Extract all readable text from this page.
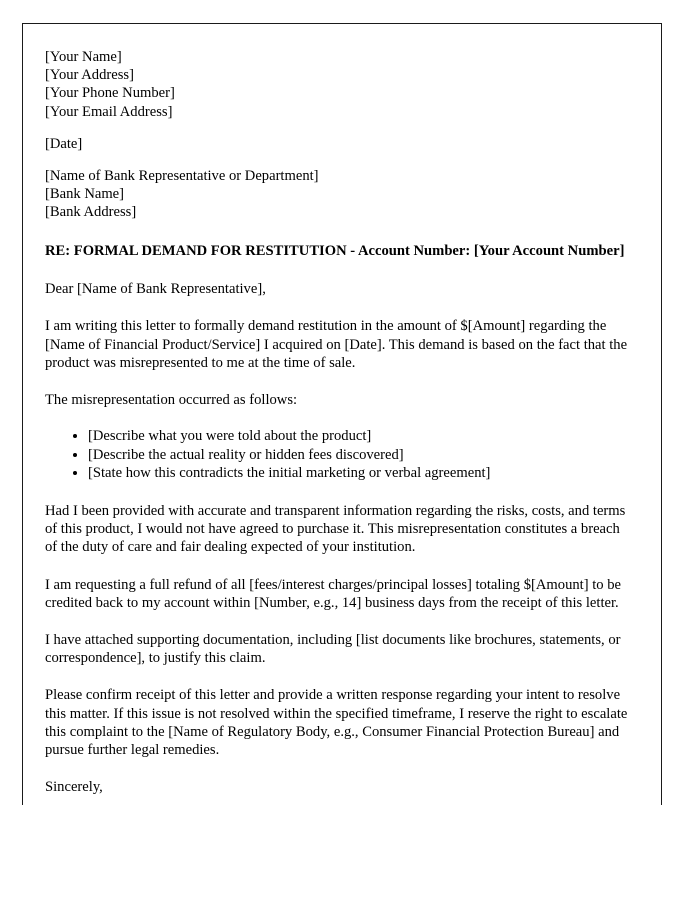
[Your Name]
[Your Address]
[Your Phone Number]
[Your Email Address]
[Date]
[Name of Bank Representative or Department]
[Bank Name]
[Bank Address]
RE: FORMAL DEMAND FOR RESTITUTION - Account Number: [Your Account Number]
Dear [Name of Bank Representative],

I am writing this letter to formally demand restitution in the amount of $[Amount] regarding the [Name of Financial Product/Service] I acquired on [Date]. This demand is based on the fact that the product was misrepresented to me at the time of sale.

The misrepresentation occurred as follows:

• [Describe what you were told about the product]
• [Describe the actual reality or hidden fees discovered]
• [State how this contradicts the initial marketing or verbal agreement]

Had I been provided with accurate and transparent information regarding the risks, costs, and terms of this product, I would not have agreed to purchase it. This misrepresentation constitutes a breach of the duty of care and fair dealing expected of your institution.

I am requesting a full refund of all [fees/interest charges/principal losses] totaling $[Amount] to be credited back to my account within [Number, e.g., 14] business days from the receipt of this letter.

I have attached supporting documentation, including [list documents like brochures, statements, or correspondence], to justify this claim.

Please confirm receipt of this letter and provide a written response regarding your intent to resolve this matter. If this issue is not resolved within the specified timeframe, I reserve the right to escalate this complaint to the [Name of Regulatory Body, e.g., Consumer Financial Protection Bureau] and pursue further legal remedies.

Sincerely,
